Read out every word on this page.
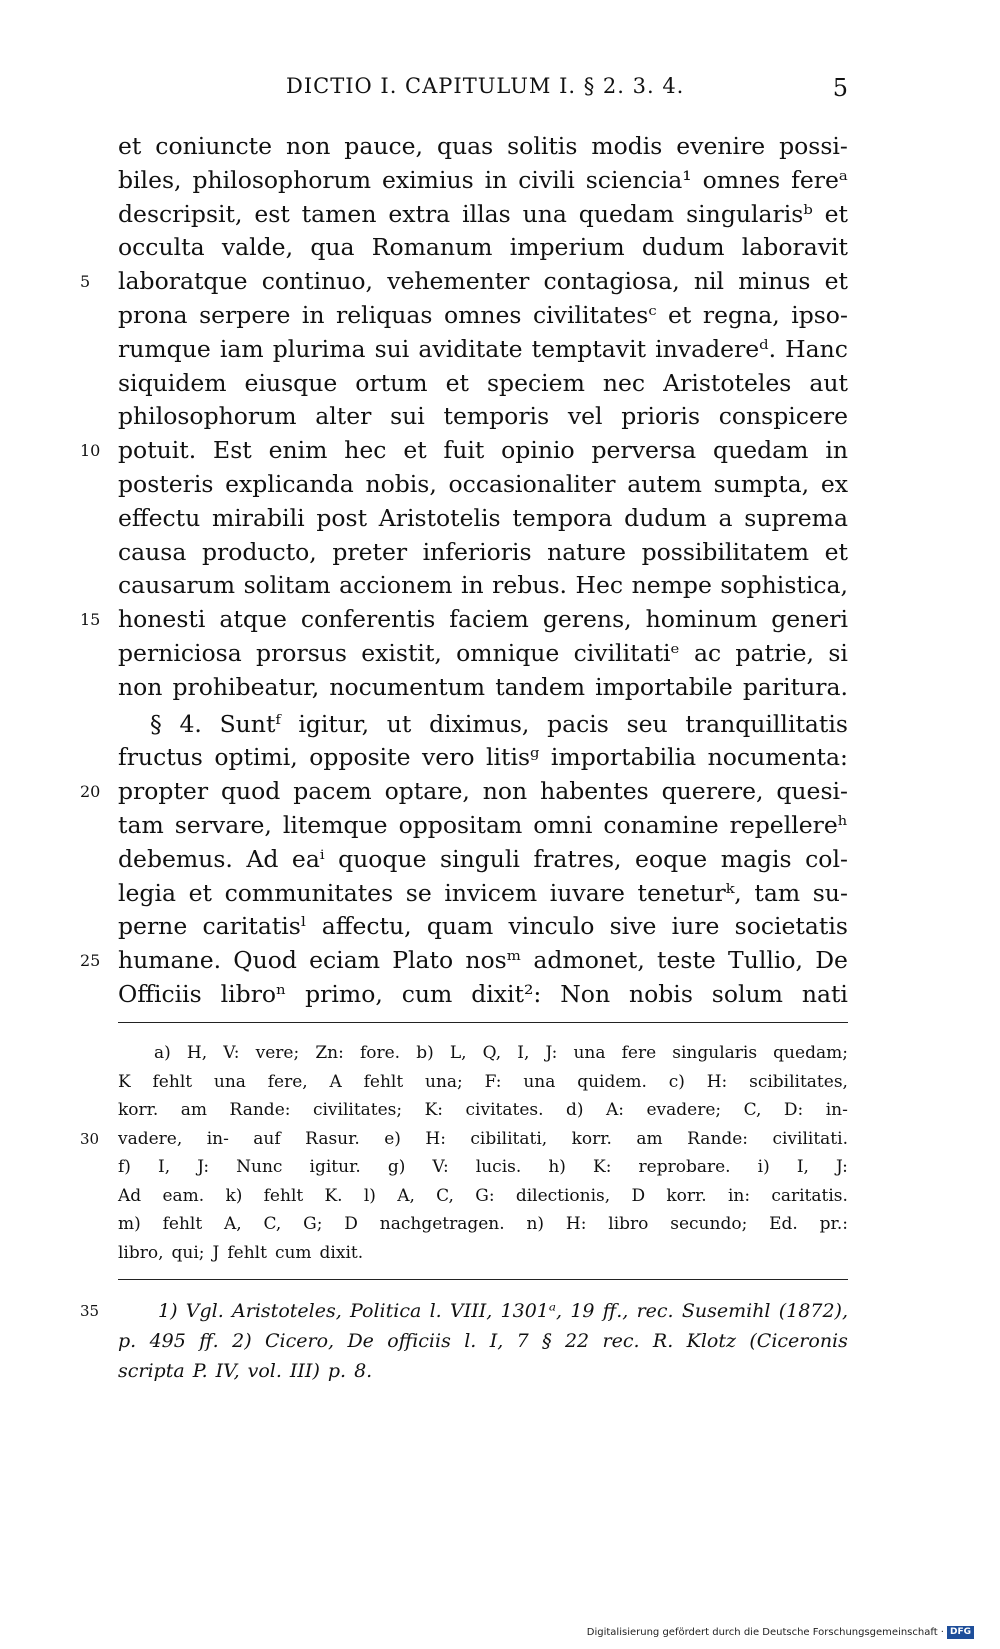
DICTIO I. CAPITULUM I. § 2. 3. 4.	5
et coniuncte non pauce, quas solitis modis evenire possi-
biles, philosophorum eximius in civili sciencia¹ omnes fereᵃ
descripsit, est tamen extra illas una quedam singularisᵇ et
occulta valde, qua Romanum imperium dudum laboravit
5	laboratque continuo, vehementer contagiosa, nil minus et
prona serpere in reliquas omnes civilitatesᶜ et regna, ipso-
rumque iam plurima sui aviditate temptavit invadereᵈ. Hanc
siquidem eiusque ortum et speciem nec Aristoteles aut
philosophorum alter sui temporis vel prioris conspicere
10 potuit. Est enim hec et fuit opinio perversa quedam in
posteris explicanda nobis, occasionaliter autem sumpta, ex
effectu mirabili post Aristotelis tempora dudum a suprema
causa producto, preter inferioris nature possibilitatem et
causarum solitam accionem in rebus. Hec nempe sophistica,
15 honesti atque conferentis faciem gerens, hominum generi
perniciosa prorsus existit, omnique civilitatiᵉ ac patrie, si
non prohibeatur, nocumentum tandem importabile paritura.
§ 4. Suntᶠ igitur, ut diximus, pacis seu tranquillitatis
fructus optimi, opposite vero litisᵍ importabilia nocumenta:
20 propter quod pacem optare, non habentes querere, quesi-
tam servare, litemque oppositam omni conamine repellereʰ
debemus. Ad eaⁱ quoque singuli fratres, eoque magis col-
legia et communitates se invicem iuvare teneturᵏ, tam su-
perne caritatisˡ affectu, quam vinculo sive iure societatis
25 humane. Quod eciam Plato nosᵐ admonet, teste Tullio, De
Officiis libroⁿ primo, cum dixit²: Non nobis solum nati
a) H, V: vere; Zn: fore. b) L, Q, I, J: una fere singularis quedam;
K fehlt una fere, A fehlt una; F: una quidem. c) H: scibilitates,
korr. am Rande: civilitates; K: civitates. d) A: evadere; C, D: in-
30	vadere, in- auf Rasur. e) H: cibilitati, korr. am Rande: civilitati.
f) I, J: Nunc igitur. g) V: lucis. h) K: reprobare. i) I, J:
Ad eam. k) fehlt K. l) A, C, G: dilectionis, D korr. in: caritatis.
m) fehlt A, C, G; D nachgetragen. n) H: libro secundo; Ed. pr.:
libro, qui; J fehlt cum dixit.
35	1) Vgl. Aristoteles, Politica l. VIII, 1301ᵃ, 19 ff., rec. Susemihl (1872),
p. 495 ff. 2) Cicero, De officiis l. I, 7 § 22 rec. R. Klotz (Ciceronis
scripta P. IV, vol. III) p. 8.
Digitalisierung gefördert durch die Deutsche Forschungsgemeinschaft · DFG
